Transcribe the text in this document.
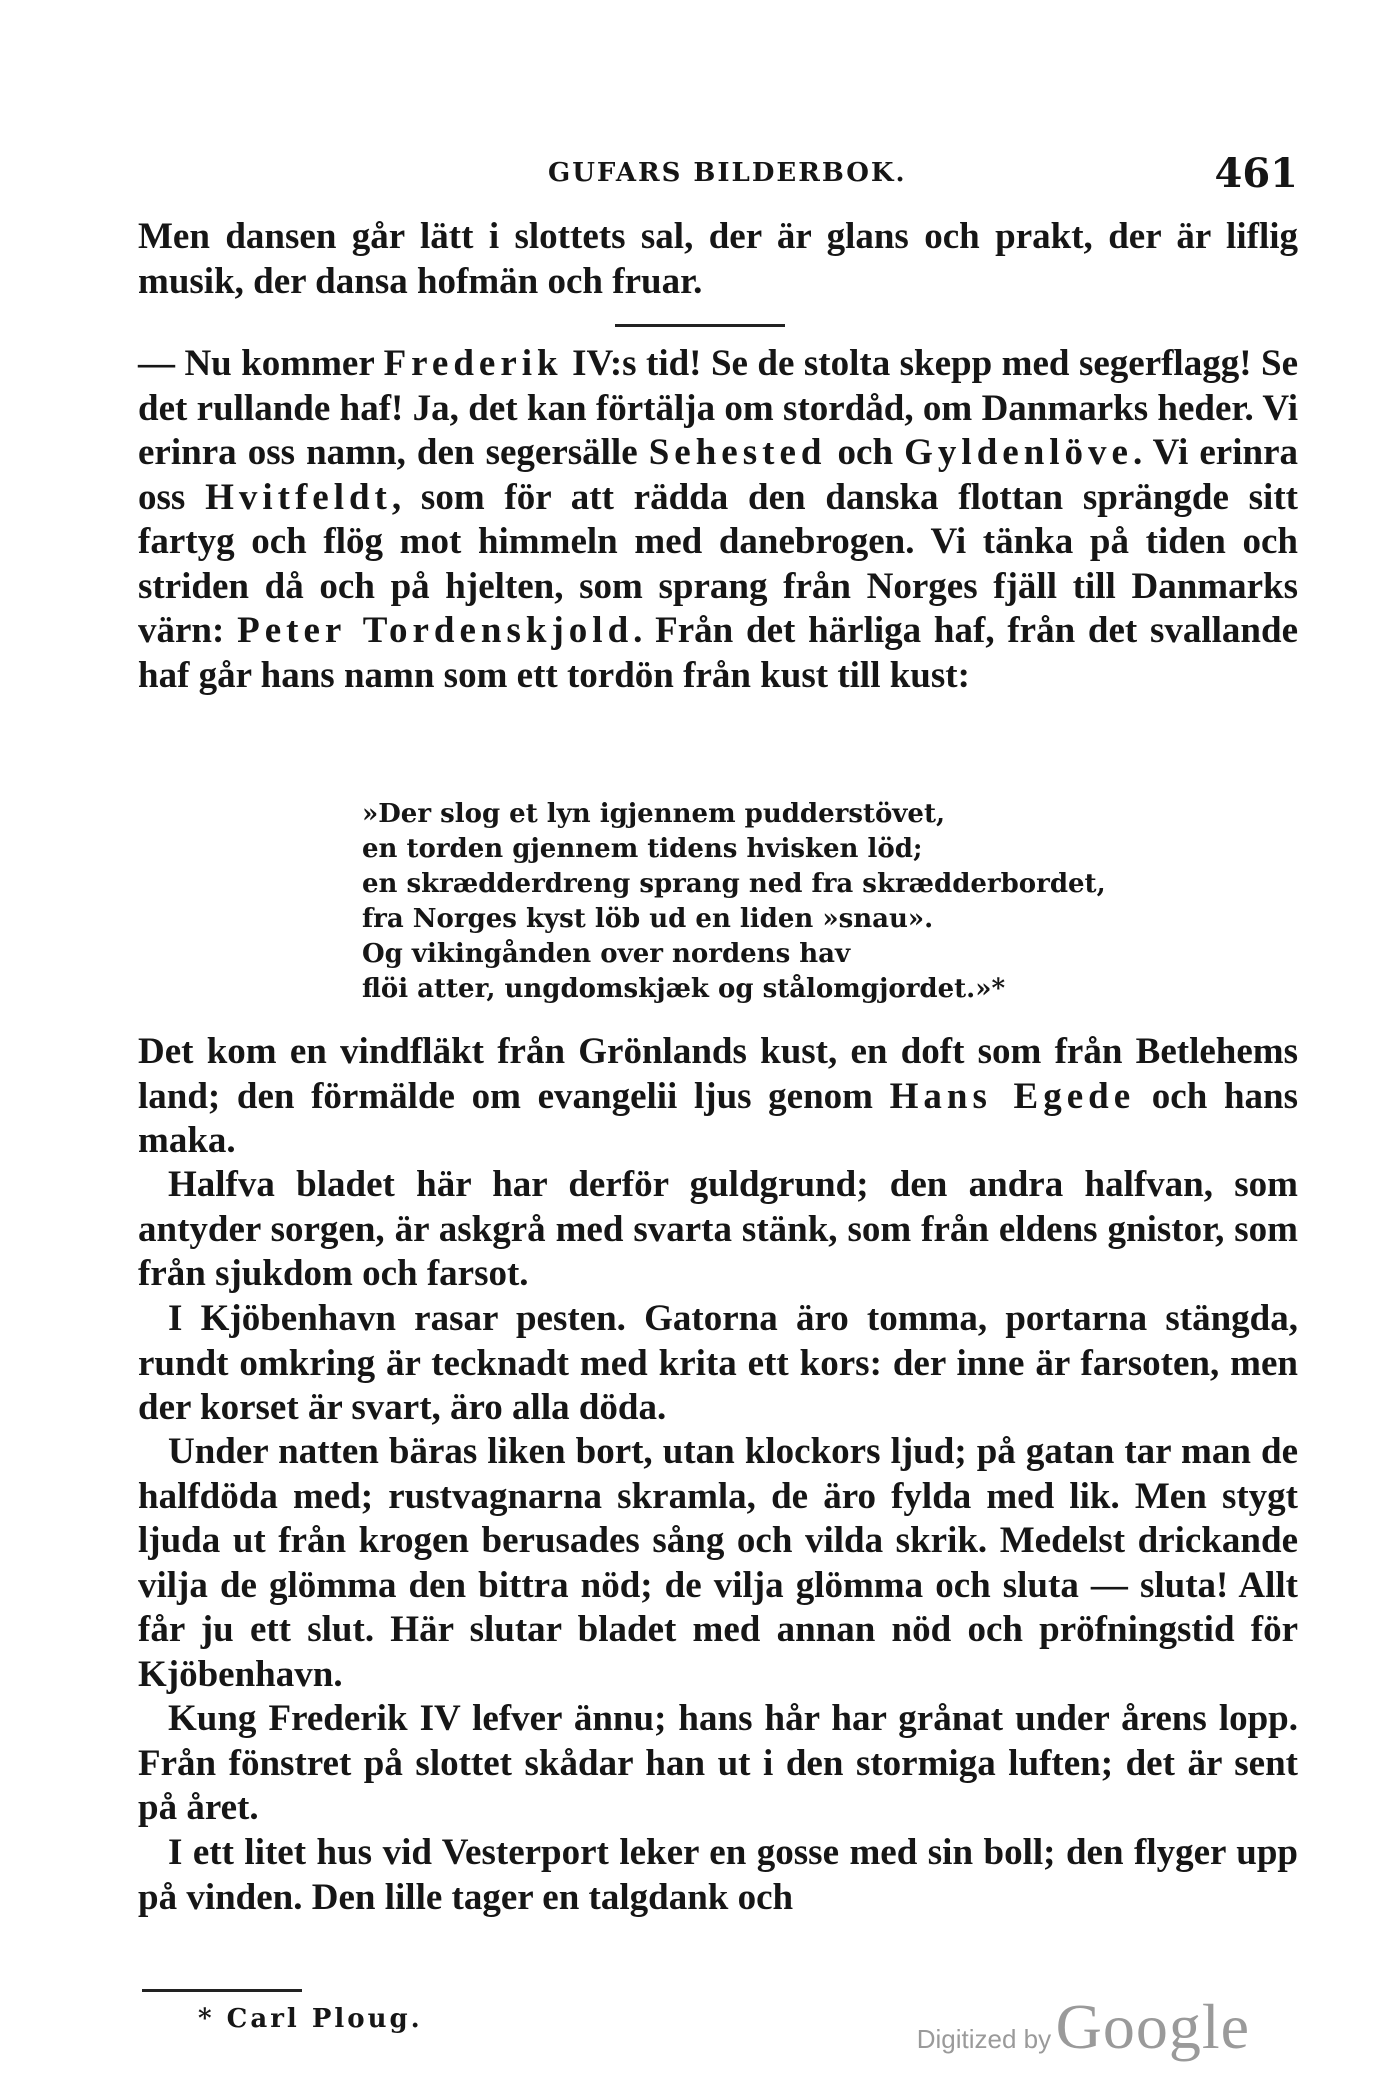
GUFARS BILDERBOK.	461

Men dansen går lätt i slottets sal, der är glans och prakt, der är liflig musik, der dansa hofmän och fruar.

— Nu kommer Frederik IV:s tid! Se de stolta skepp med segerflagg! Se det rullande haf! Ja, det kan förtälja om stordåd, om Danmarks heder. Vi erinra oss namn, den segersälle Sehested och Gyldenlöve. Vi erinra oss Hvitfeldt, som för att rädda den danska flottan sprängde sitt fartyg och flög mot himmeln med danebrogen. Vi tänka på tiden och striden då och på hjelten, som sprang från Norges fjäll till Danmarks värn: Peter Tordenskjold. Från det härliga haf, från det svallande haf går hans namn som ett tordön från kust till kust:

»Der slog et lyn igjennem pudderstövet,
en torden gjennem tidens hvisken löd;
en skrædderdreng sprang ned fra skrædderbordet,
fra Norges kyst löb ud en liden »snau».
Og vikingånden over nordens hav
flöi atter, ungdomskjæk og stålomgjordet.»*

Det kom en vindfläkt från Grönlands kust, en doft som från Betlehems land; den förmälde om evangelii ljus genom Hans Egede och hans maka.

Halfva bladet här har derför guldgrund; den andra halfvan, som antyder sorgen, är askgrå med svarta stänk, som från eldens gnistor, som från sjukdom och farsot.

I Kjöbenhavn rasar pesten. Gatorna äro tomma, portarna stängda, rundt omkring är tecknadt med krita ett kors: der inne är farsoten, men der korset är svart, äro alla döda.

Under natten bäras liken bort, utan klockors ljud; på gatan tar man de halfdöda med; rustvagnarna skramla, de äro fylda med lik. Men stygt ljuda ut från krogen berusades sång och vilda skrik. Medelst drickande vilja de glömma den bittra nöd; de vilja glömma och sluta — sluta! Allt får ju ett slut. Här slutar bladet med annan nöd och pröfningstid för Kjöbenhavn.

Kung Frederik IV lefver ännu; hans hår har grånat under årens lopp. Från fönstret på slottet skådar han ut i den stormiga luften; det är sent på året.

I ett litet hus vid Vesterport leker en gosse med sin boll; den flyger upp på vinden. Den lille tager en talgdank och

* Carl Ploug.
Digitized by Google
